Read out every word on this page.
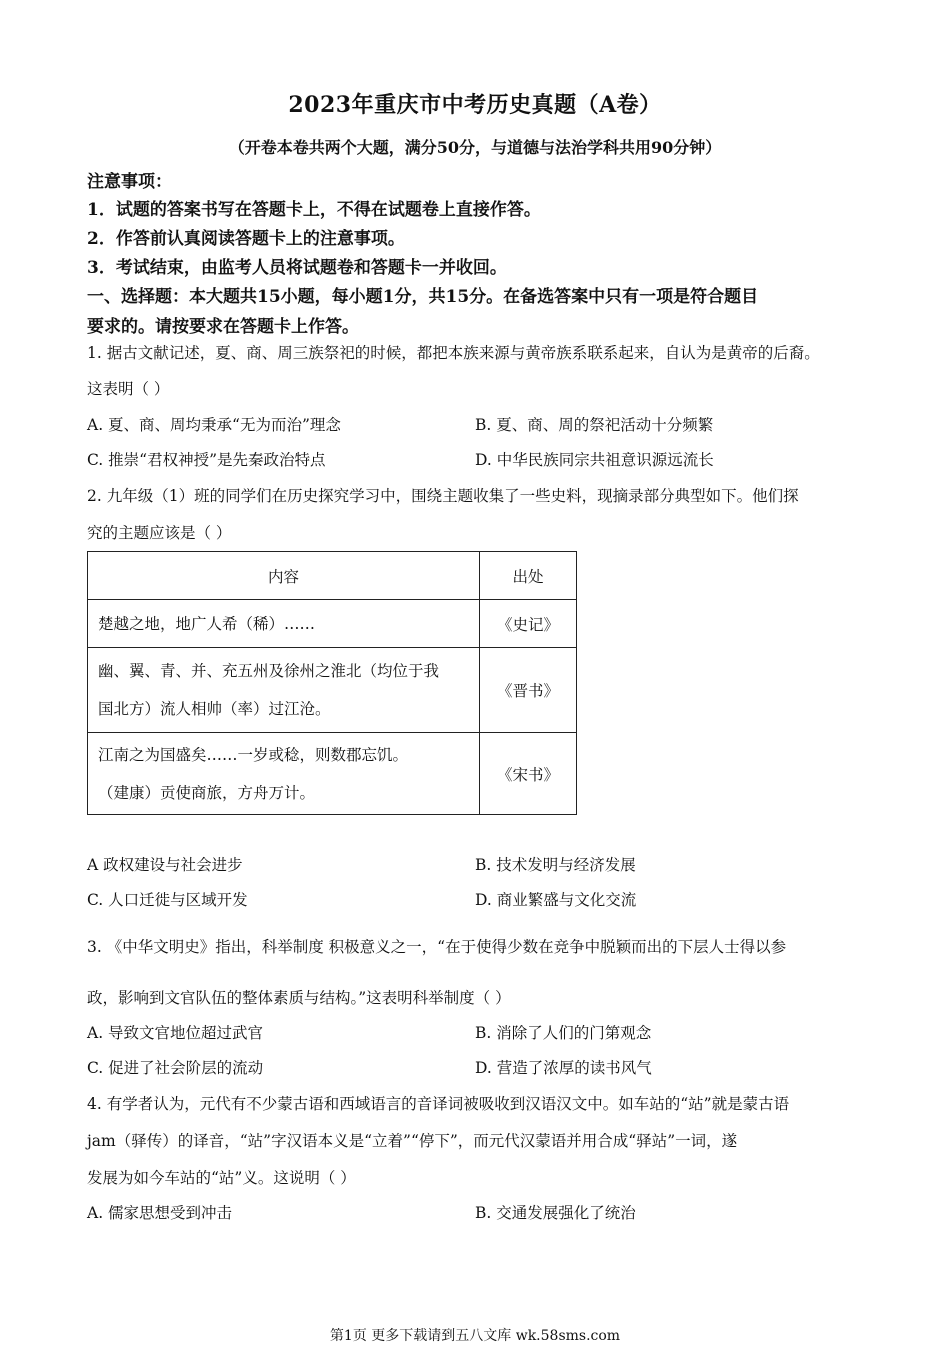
2023年重庆市中考历史真题（A卷）
（开卷本卷共两个大题，满分50分，与道德与法治学科共用90分钟）
注意事项：
1．试题的答案书写在答题卡上，不得在试题卷上直接作答。
2．作答前认真阅读答题卡上的注意事项。
3．考试结束，由监考人员将试题卷和答题卡一并收回。
一、选择题：本大题共15小题，每小题1分，共15分。在备选答案中只有一项是符合题目
要求的。请按要求在答题卡上作答。
1. 据古文献记述，夏、商、周三族祭祀的时候，都把本族来源与黄帝族系联系起来，自认为是黄帝的后裔。
这表明（ ）
A. 夏、商、周均秉承“无为而治”理念	B. 夏、商、周的祭祀活动十分频繁
C. 推崇“君权神授”是先秦政治特点	D. 中华民族同宗共祖意识源远流长
2. 九年级（1）班的同学们在历史探究学习中，围绕主题收集了一些史料，现摘录部分典型如下。他们探
究的主题应该是（ ）
内容	出处

楚越之地，地广人希（稀）……	《史记》

幽、翼、青、并、充五州及徐州之淮北（均位于我
国北方）流人相帅（率）过江沧。	《晋书》

江南之为国盛矣……一岁或稔，则数郡忘饥。
（建康）贡使商旅，方舟万计。	《宋书》
A 政权建设与社会进步	B. 技术发明与经济发展
C. 人口迁徙与区域开发	D. 商业繁盛与文化交流
3. 《中华文明史》指出，科举制度 积极意义之一，“在于使得少数在竞争中脱颖而出的下层人士得以参
政，影响到文官队伍的整体素质与结构。”这表明科举制度（ ）
A. 导致文官地位超过武官	B. 消除了人们的门第观念
C. 促进了社会阶层的流动	D. 营造了浓厚的读书风气
4. 有学者认为，元代有不少蒙古语和西域语言的音译词被吸收到汉语汉文中。如车站的“站”就是蒙古语
jam（驿传）的译音，“站”字汉语本义是“立着”“停下”，而元代汉蒙语并用合成“驿站”一词，遂
发展为如今车站的“站”义。这说明（ ）
A. 儒家思想受到冲击	B. 交通发展强化了统治
第1页 更多下载请到五八文库 wk.58sms.com
